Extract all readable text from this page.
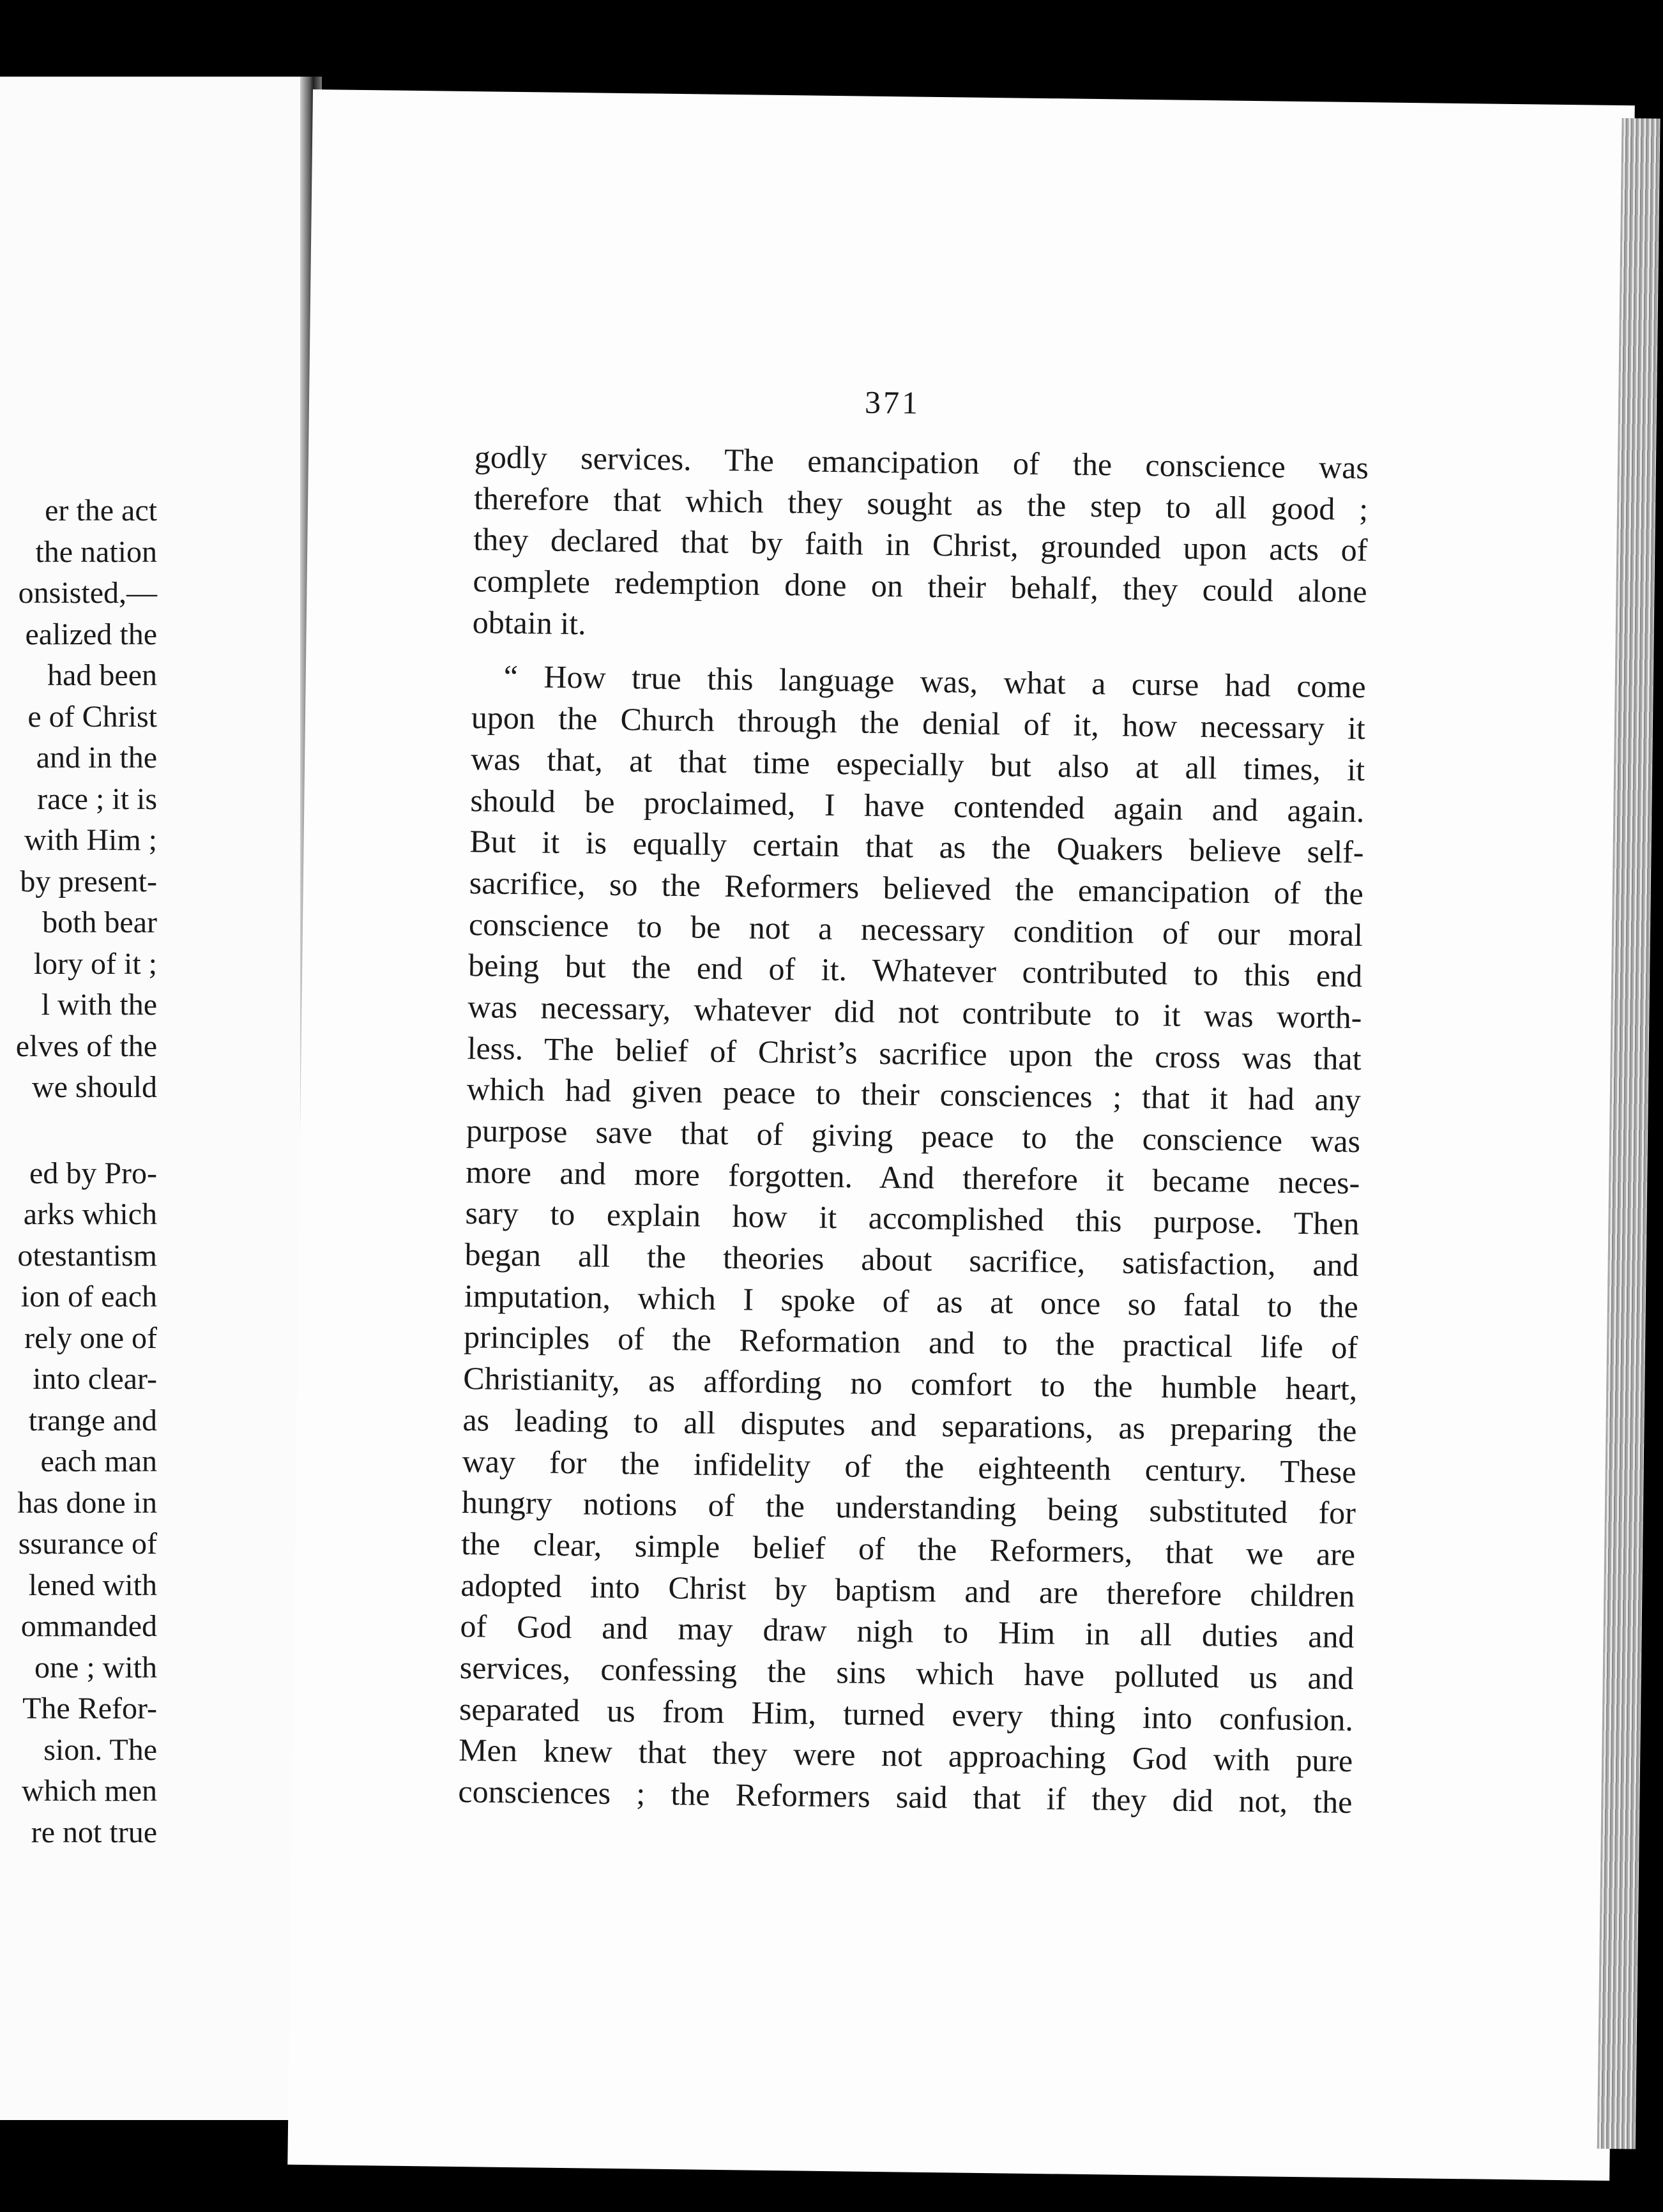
er the act
the nation
onsisted,—
ealized the
had been
e of Christ
and in the
race ; it is
with Him ;
by present-
both bear
lory of it ;
l with the
elves of the
we should
ed by Pro-
arks which
otestantism
ion of each
rely one of
into clear-
trange and
each man
has done in
ssurance of
lened with
ommanded
one ; with
The Refor-
sion. The
which men
re not true
371
godly services. The emancipation of the conscience was
therefore that which they sought as the step to all good ;
they declared that by faith in Christ, grounded upon acts of
complete redemption done on their behalf, they could alone
obtain it.
“ How true this language was, what a curse had come
upon the Church through the denial of it, how necessary it
was that, at that time especially but also at all times, it
should be proclaimed, I have contended again and again.
But it is equally certain that as the Quakers believe self-
sacrifice, so the Reformers believed the emancipation of the
conscience to be not a necessary condition of our moral
being but the end of it. Whatever contributed to this end
was necessary, whatever did not contribute to it was worth-
less. The belief of Christ’s sacrifice upon the cross was that
which had given peace to their consciences ; that it had any
purpose save that of giving peace to the conscience was
more and more forgotten. And therefore it became neces-
sary to explain how it accomplished this purpose. Then
began all the theories about sacrifice, satisfaction, and
imputation, which I spoke of as at once so fatal to the
principles of the Reformation and to the practical life of
Christianity, as affording no comfort to the humble heart,
as leading to all disputes and separations, as preparing the
way for the infidelity of the eighteenth century. These
hungry notions of the understanding being substituted for
the clear, simple belief of the Reformers, that we are
adopted into Christ by baptism and are therefore children
of God and may draw nigh to Him in all duties and
services, confessing the sins which have polluted us and
separated us from Him, turned every thing into confusion.
Men knew that they were not approaching God with pure
consciences ; the Reformers said that if they did not, the
